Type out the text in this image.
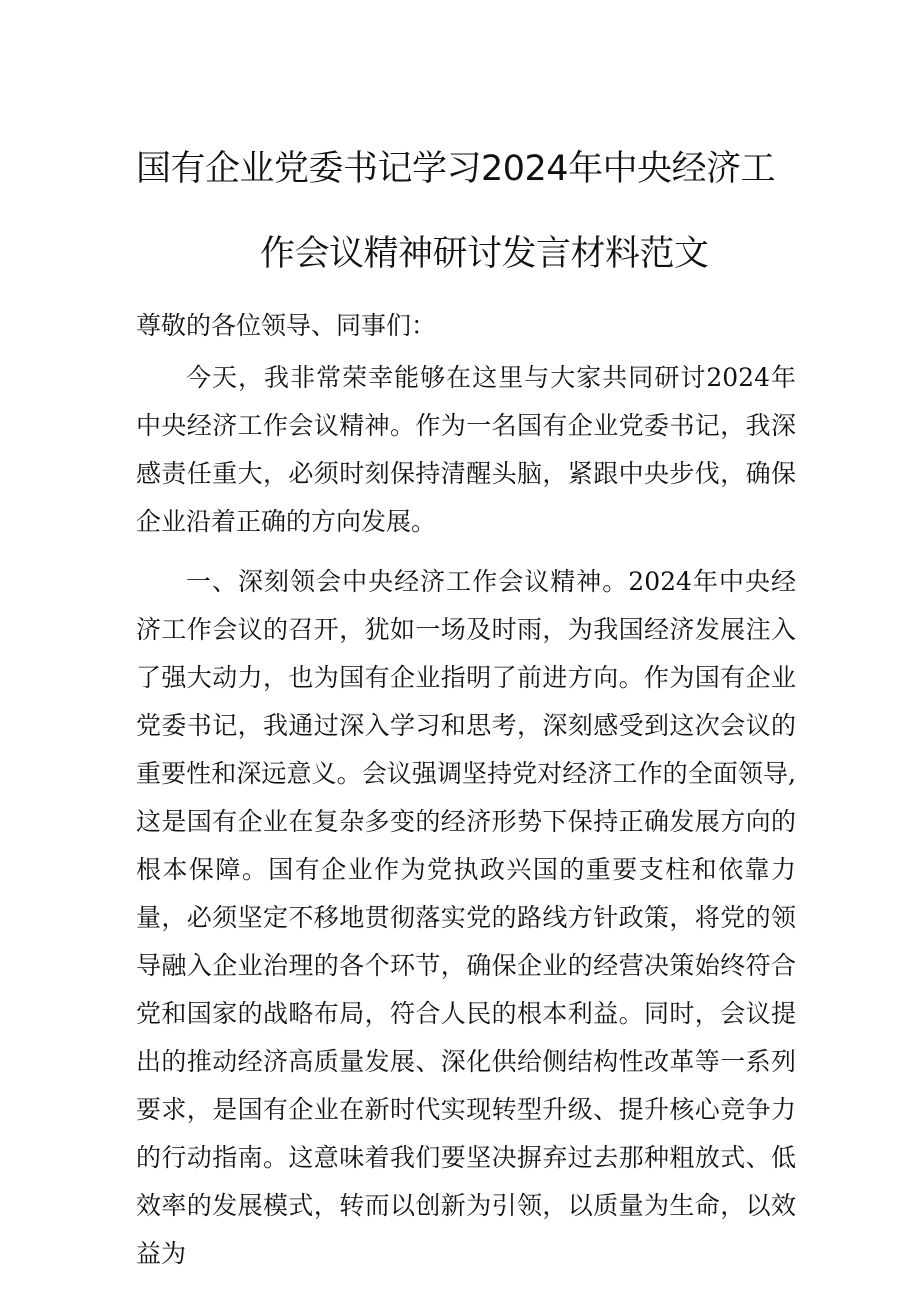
国有企业党委书记学习2024年中央经济工
作会议精神研讨发言材料范文
尊敬的各位领导、同事们：
今天，我非常荣幸能够在这里与大家共同研讨2024年中央经济工作会议精神。作为一名国有企业党委书记，我深感责任重大，必须时刻保持清醒头脑，紧跟中央步伐，确保企业沿着正确的方向发展。
一、深刻领会中央经济工作会议精神。2024年中央经济工作会议的召开，犹如一场及时雨，为我国经济发展注入了强大动力，也为国有企业指明了前进方向。作为国有企业党委书记，我通过深入学习和思考，深刻感受到这次会议的重要性和深远意义。会议强调坚持党对经济工作的全面领导,这是国有企业在复杂多变的经济形势下保持正确发展方向的根本保障。国有企业作为党执政兴国的重要支柱和依靠力量，必须坚定不移地贯彻落实党的路线方针政策，将党的领导融入企业治理的各个环节，确保企业的经营决策始终符合党和国家的战略布局，符合人民的根本利益。同时，会议提出的推动经济高质量发展、深化供给侧结构性改革等一系列要求，是国有企业在新时代实现转型升级、提升核心竞争力的行动指南。这意味着我们要坚决摒弃过去那种粗放式、低效率的发展模式，转而以创新为引领，以质量为生命，以效益为
